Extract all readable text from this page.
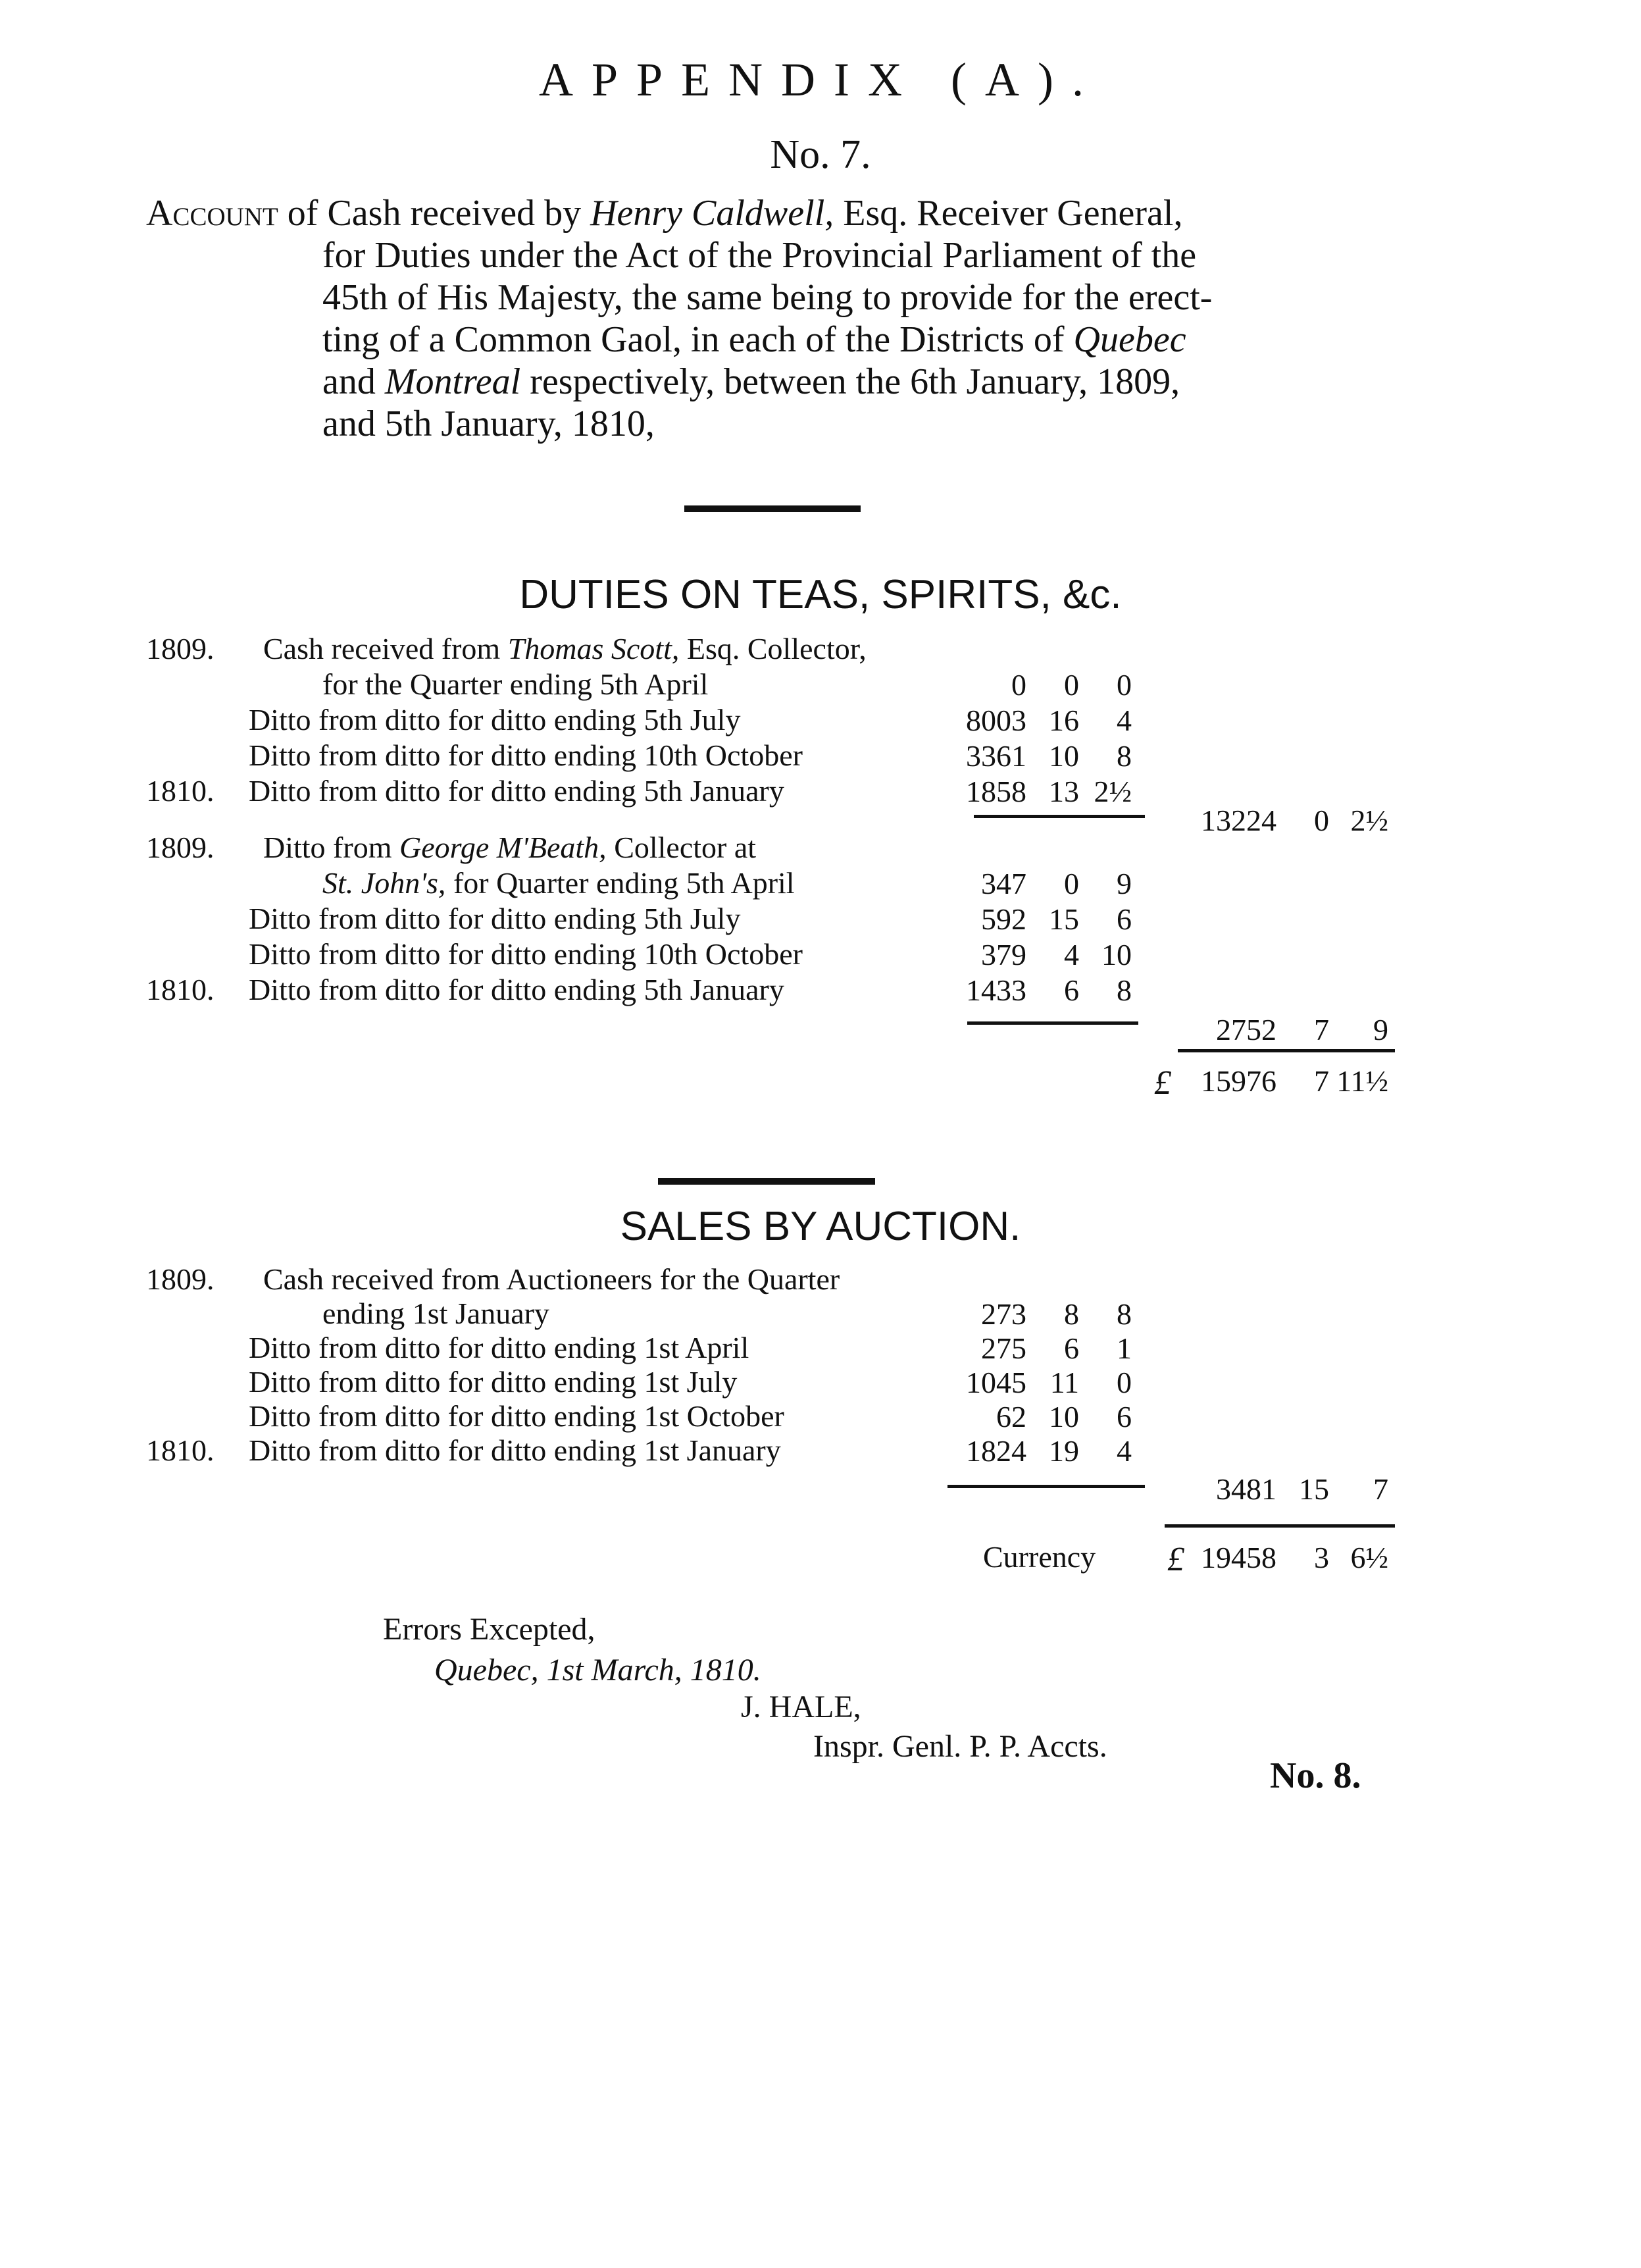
APPENDIX (A).
No. 7.
Account of Cash received by Henry Caldwell, Esq. Receiver General,
for Duties under the Act of the Provincial Parliament of the
45th of His Majesty, the same being to provide for the erect-
ting of a Common Gaol, in each of the Districts of Quebec
and Montreal respectively, between the 6th January, 1809,
and 5th January, 1810,
DUTIES ON TEAS, SPIRITS, &c.
1809. Cash received from Thomas Scott, Esq. Collector,
for the Quarter ending 5th April	0	0	0
Ditto from ditto for ditto ending 5th July	8003 16	4
Ditto from ditto for ditto ending 10th October	3361 10	8
1810. Ditto from ditto for ditto ending 5th January	1858 13 2½
13224	0 2½
1809. Ditto from George M'Beath, Collector at
St. John's, for Quarter ending 5th April	347	0	9
Ditto from ditto for ditto ending 5th July	592 15	6
Ditto from ditto for ditto ending 10th October	379	4 10
1810. Ditto from ditto for ditto ending 5th January	1433	6	8
2752	7	9
£ 15976	7 11½
SALES BY AUCTION.
1809. Cash received from Auctioneers for the Quarter
ending 1st January	273	8	8
Ditto from ditto for ditto ending 1st April	275	6	1
Ditto from ditto for ditto ending 1st July	1045 11	0
Ditto from ditto for ditto ending 1st October	62 10	6
1810. Ditto from ditto for ditto ending 1st January	1824 19	4
3481 15	7
Currency	£ 19458	3 6½
Errors Excepted,
Quebec, 1st March, 1810.
J. HALE,
Inspr. Genl. P. P. Accts.
No. 8.
